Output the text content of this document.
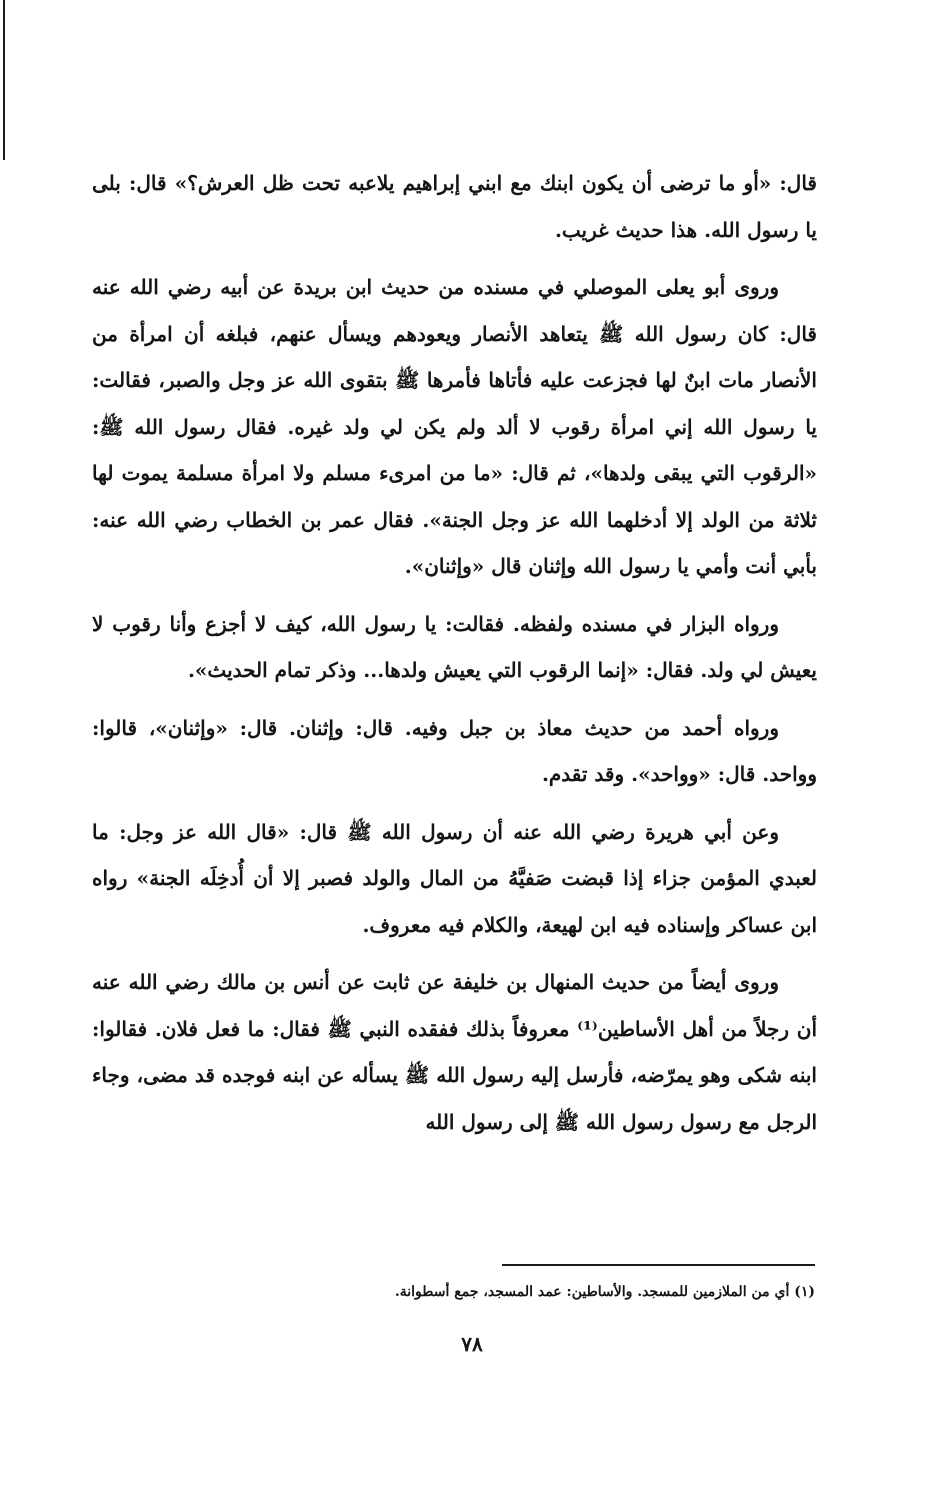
قال: «أو ما ترضى أن يكون ابنك مع ابني إبراهيم يلاعبه تحت ظل العرش؟» قال: بلى يا رسول الله. هذا حديث غريب.

وروى أبو يعلى الموصلي في مسنده من حديث ابن بريدة عن أبيه رضي الله عنه قال: كان رسول الله ﷺ يتعاهد الأنصار ويعودهم ويسأل عنهم، فبلغه أن امرأة من الأنصار مات ابنٌ لها فجزعت عليه فأتاها فأمرها ﷺ بتقوى الله عز وجل والصبر، فقالت: يا رسول الله إني امرأة رقوب لا ألد ولم يكن لي ولد غيره. فقال رسول الله ﷺ: «الرقوب التي يبقى ولدها»، ثم قال: «ما من امرىء مسلم ولا امرأة مسلمة يموت لها ثلاثة من الولد إلا أدخلهما الله عز وجل الجنة». فقال عمر بن الخطاب رضي الله عنه: بأبي أنت وأمي يا رسول الله وإثنان قال «وإثنان».

ورواه البزار في مسنده ولفظه. فقالت: يا رسول الله، كيف لا أجزع وأنا رقوب لا يعيش لي ولد. فقال: «إنما الرقوب التي يعيش ولدها... وذكر تمام الحديث».

ورواه أحمد من حديث معاذ بن جبل وفيه. قال: وإثنان. قال: «وإثنان»، قالوا: وواحد. قال: «وواحد». وقد تقدم.

وعن أبي هريرة رضي الله عنه أن رسول الله ﷺ قال: «قال الله عز وجل: ما لعبدي المؤمن جزاء إذا قبضت صَفيَّهُ من المال والولد فصبر إلا أن أُدخِلَه الجنة» رواه ابن عساكر وإسناده فيه ابن لهيعة، والكلام فيه معروف.

وروى أيضاً من حديث المنهال بن خليفة عن ثابت عن أنس بن مالك رضي الله عنه أن رجلاً من أهل الأساطين⁽¹⁾ معروفاً بذلك ففقده النبي ﷺ فقال: ما فعل فلان. فقالوا: ابنه شكى وهو يمرّضه، فأرسل إليه رسول الله ﷺ يسأله عن ابنه فوجده قد مضى، وجاء الرجل مع رسول رسول الله ﷺ إلى رسول الله

(١) أي من الملازمين للمسجد. والأساطين: عمد المسجد، جمع أسطوانة.
٧٨
